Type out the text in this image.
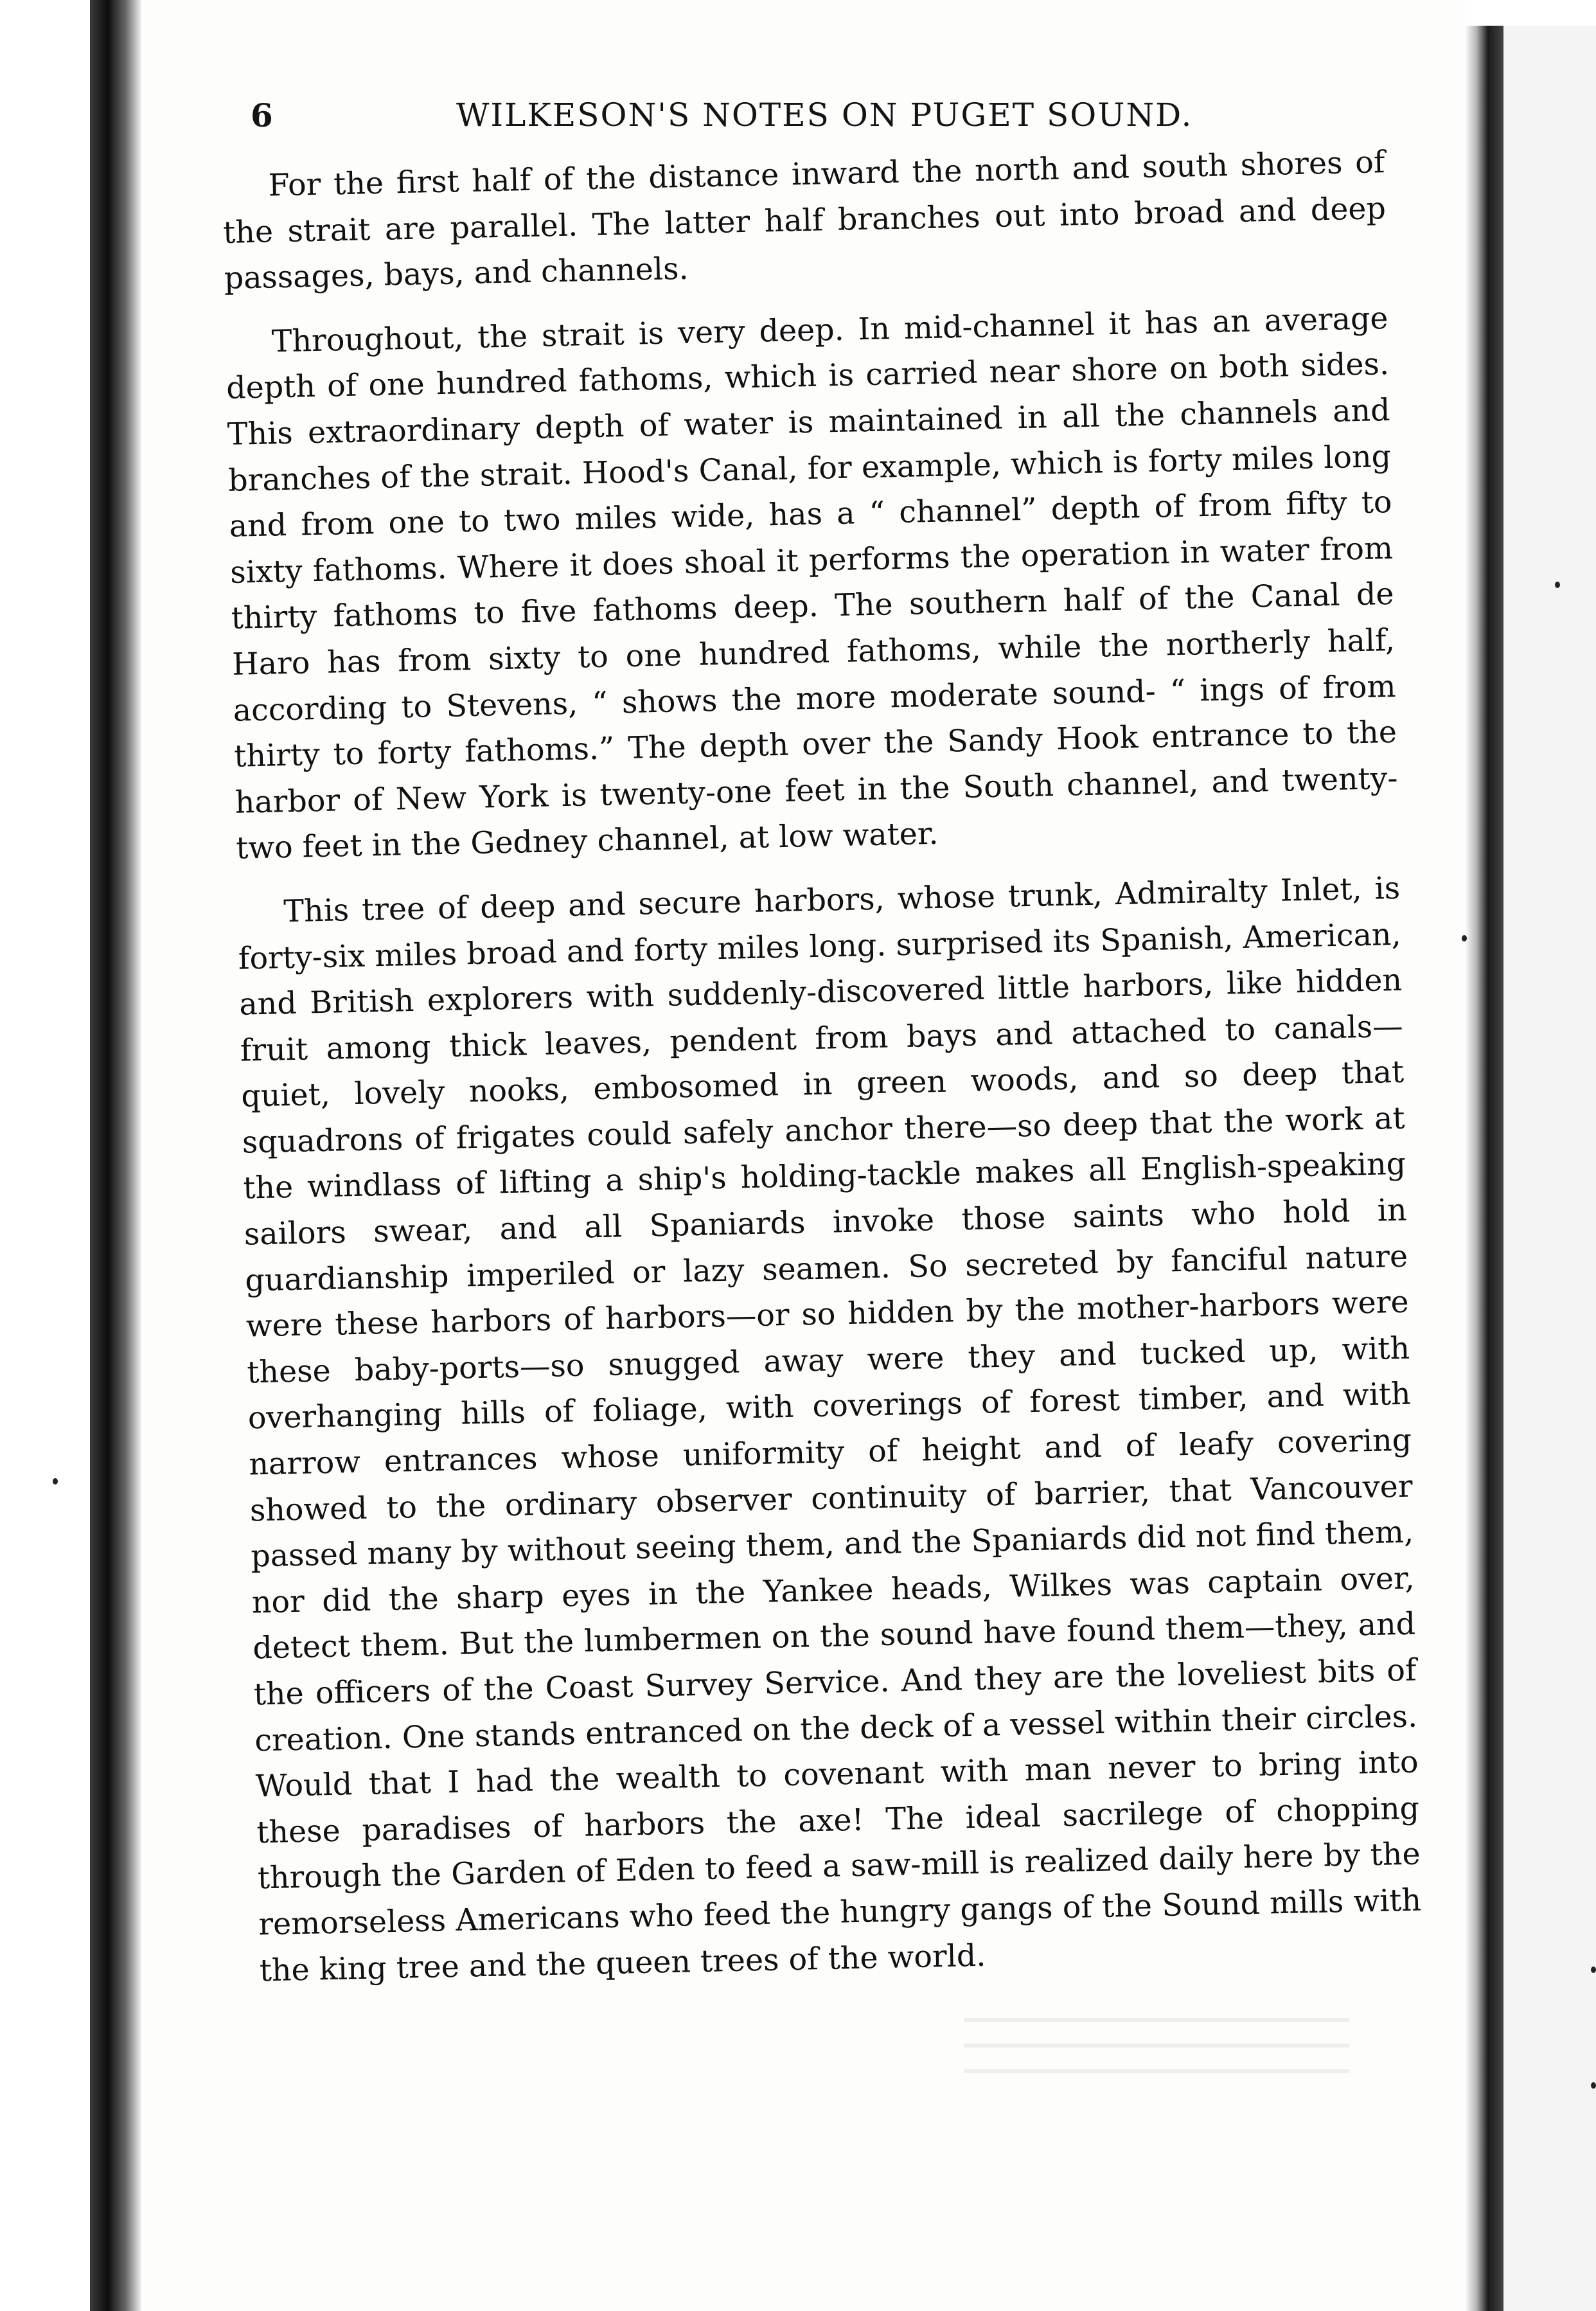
6	WILKESON'S NOTES ON PUGET SOUND.

For the first half of the distance inward the north and south shores of the strait are parallel. The latter half branches out into broad and deep passages, bays, and channels.

Throughout, the strait is very deep. In mid-channel it has an average depth of one hundred fathoms, which is carried near shore on both sides. This extraordinary depth of water is maintained in all the channels and branches of the strait. Hood's Canal, for example, which is forty miles long and from one to two miles wide, has a “ channel” depth of from fifty to sixty fathoms. Where it does shoal it performs the operation in water from thirty fathoms to five fathoms deep. The southern half of the Canal de Haro has from sixty to one hundred fathoms, while the northerly half, according to Stevens, “ shows the more moderate sound- “ ings of from thirty to forty fathoms.” The depth over the Sandy Hook entrance to the harbor of New York is twenty-one feet in the South channel, and twenty-two feet in the Gedney channel, at low water.

This tree of deep and secure harbors, whose trunk, Admiralty Inlet, is forty-six miles broad and forty miles long. surprised its Spanish, American, and British explorers with suddenly-discovered little harbors, like hidden fruit among thick leaves, pendent from bays and attached to canals—quiet, lovely nooks, embosomed in green woods, and so deep that squadrons of frigates could safely anchor there—so deep that the work at the windlass of lifting a ship's holding-tackle makes all English-speaking sailors swear, and all Spaniards invoke those saints who hold in guardianship imperiled or lazy seamen. So secreted by fanciful nature were these harbors of harbors—or so hidden by the mother-harbors were these baby-ports—so snugged away were they and tucked up, with overhanging hills of foliage, with coverings of forest timber, and with narrow entrances whose uniformity of height and of leafy covering showed to the ordinary observer continuity of barrier, that Vancouver passed many by without seeing them, and the Spaniards did not find them, nor did the sharp eyes in the Yankee heads, Wilkes was captain over, detect them. But the lumbermen on the sound have found them—they, and the officers of the Coast Survey Service. And they are the loveliest bits of creation. One stands entranced on the deck of a vessel within their circles. Would that I had the wealth to covenant with man never to bring into these paradises of harbors the axe! The ideal sacrilege of chopping through the Garden of Eden to feed a saw-mill is realized daily here by the remorseless Americans who feed the hungry gangs of the Sound mills with the king tree and the queen trees of the world.
